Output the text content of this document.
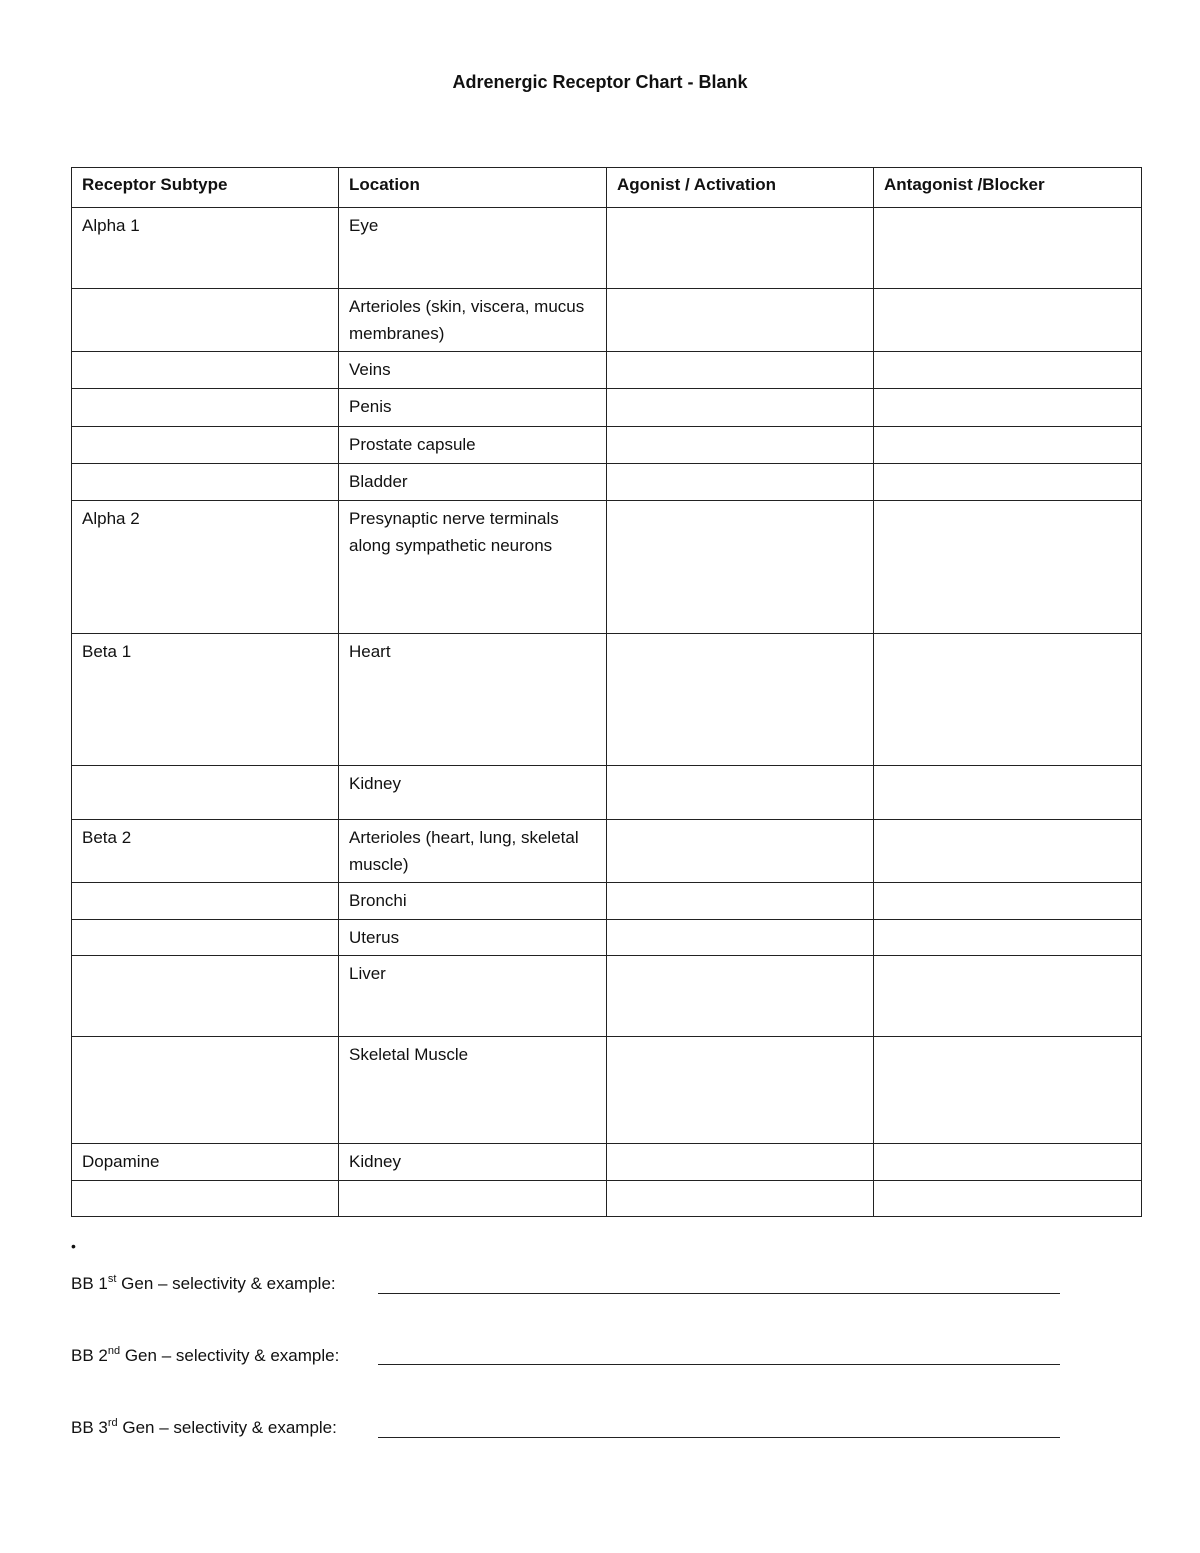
Adrenergic Receptor Chart - Blank
Receptor Subtype	Location	Agonist / Activation	Antagonist /Blocker
Alpha 1	Eye		
	Arterioles (skin, viscera, mucus membranes)		
	Veins		
	Penis		
	Prostate capsule		
	Bladder		
Alpha 2	Presynaptic nerve terminals along sympathetic neurons		
Beta 1	Heart		
	Kidney		
Beta 2	Arterioles (heart, lung, skeletal muscle)		
	Bronchi		
	Uterus		
	Liver		
	Skeletal Muscle		
Dopamine	Kidney		

•
BB 1st Gen – selectivity & example:
BB 2nd Gen – selectivity & example:
BB 3rd Gen – selectivity & example:
